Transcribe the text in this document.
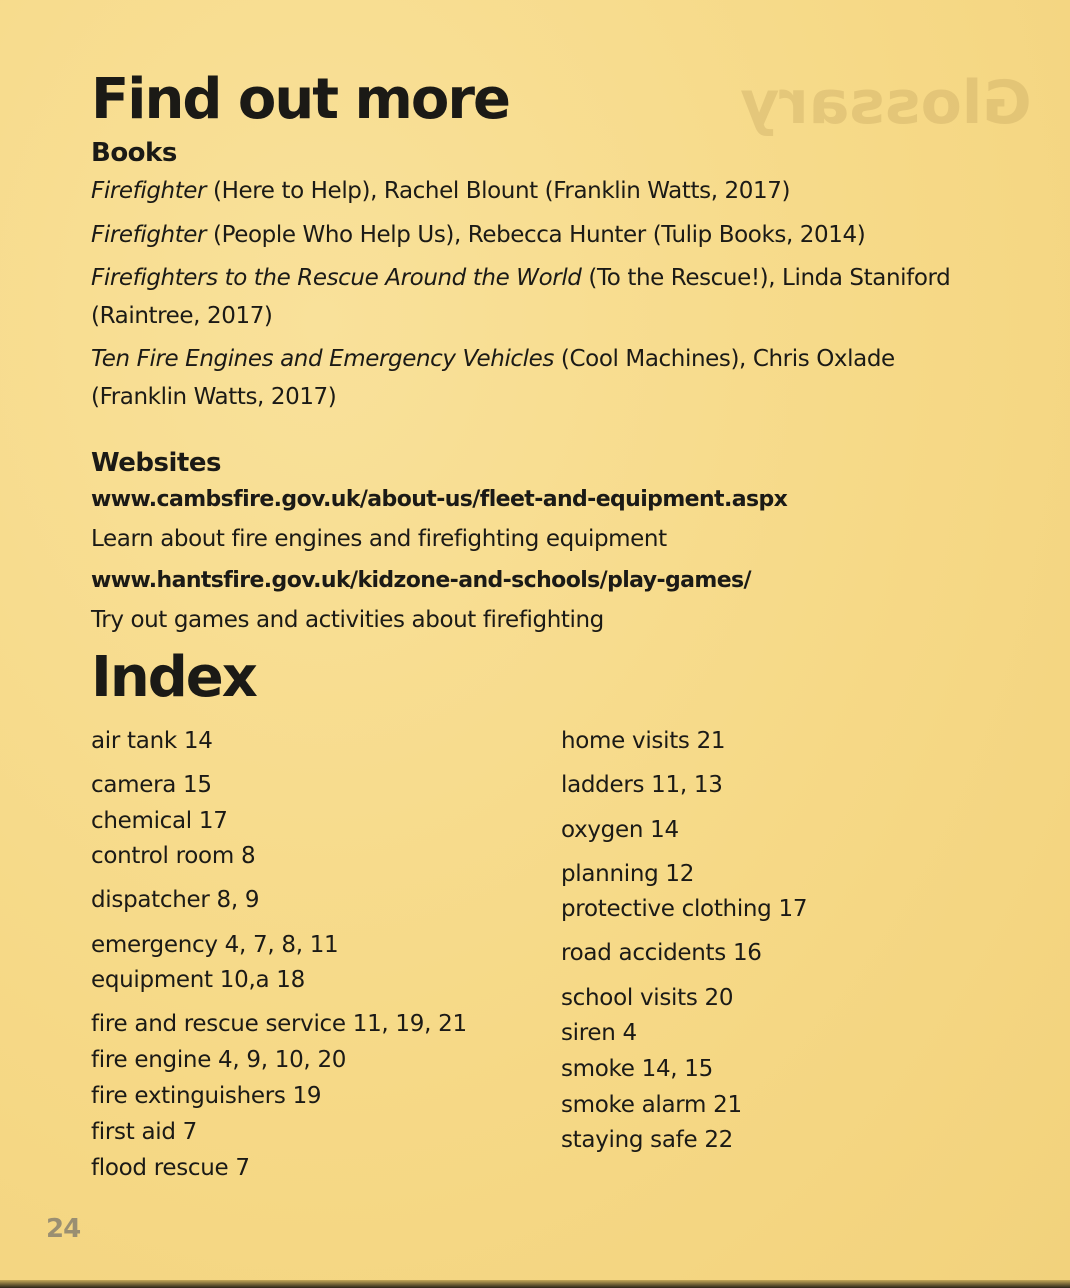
Glossary
Find out more
Books

Firefighter (Here to Help), Rachel Blount (Franklin Watts, 2017)

Firefighter (People Who Help Us), Rebecca Hunter (Tulip Books, 2014)

Firefighters to the Rescue Around the World (To the Rescue!), Linda Staniford

(Raintree, 2017)

Ten Fire Engines and Emergency Vehicles (Cool Machines), Chris Oxlade

(Franklin Watts, 2017)

Websites

www.cambsfire.gov.uk/about-us/fleet-and-equipment.aspx

Learn about fire engines and firefighting equipment

www.hantsfire.gov.uk/kidzone-and-schools/play-games/

Try out games and activities about firefighting

Index

air tank 14

camera 15

chemical 17

control room 8

dispatcher 8, 9

emergency 4, 7, 8, 11

equipment 10,a 18

fire and rescue service 11, 19, 21

fire engine 4, 9, 10, 20

fire extinguishers 19

first aid 7

flood rescue 7

home visits 21

ladders 11, 13

oxygen 14

planning 12

protective clothing 17

road accidents 16

school visits 20

siren 4

smoke 14, 15

smoke alarm 21

staying safe 22

24
